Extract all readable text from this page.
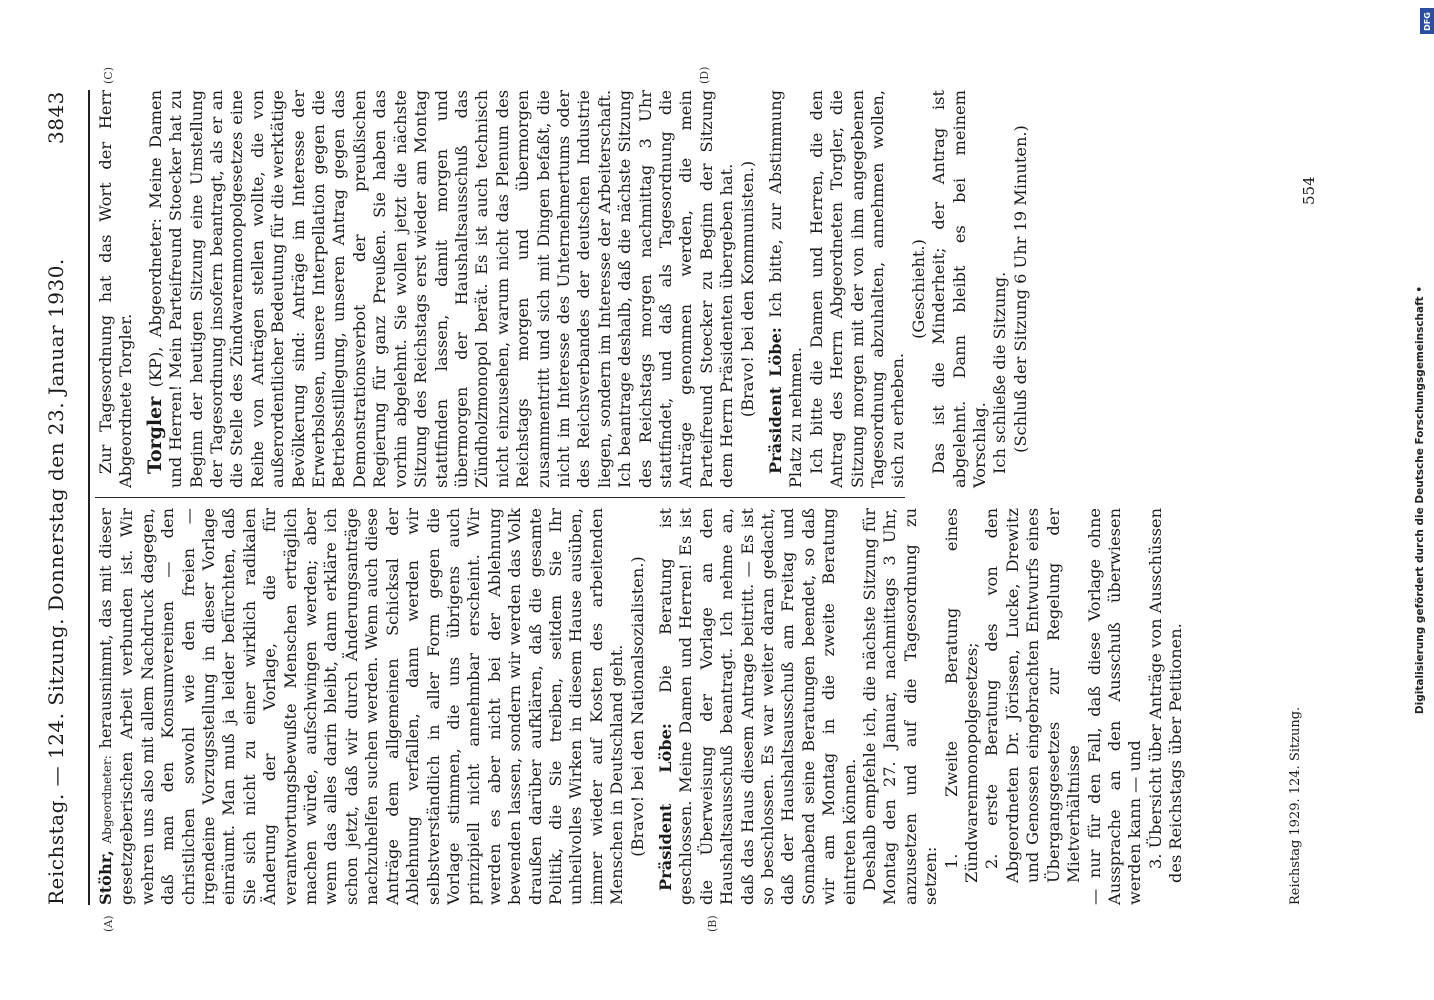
Reichstag. — 124. Sitzung. Donnerstag den 23. Januar 1930.
3843
(A)	(B)
(C)	(D)

Stöhr, Abgeordneter: herausnimmt, das mit dieser gesetzgeberischen Arbeit verbunden ist. Wir wehren uns also mit allem Nachdruck dagegen, daß man den Konsumvereinen — den christlichen sowohl wie den freien — irgendeine Vorzugsstellung in dieser Vorlage einräumt. Man muß ja leider befürchten, daß Sie sich nicht zu einer wirklich radikalen Änderung der Vorlage, die für verantwortungsbewußte Menschen erträglich machen würde, aufschwingen werden; aber wenn das alles darin bleibt, dann erkläre ich schon jetzt, daß wir durch Änderungsanträge nachzuhelfen suchen werden. Wenn auch diese Anträge dem allgemeinen Schicksal der Ablehnung verfallen, dann werden wir selbstverständlich in aller Form gegen die Vorlage stimmen, die uns übrigens auch prinzipiell nicht annehmbar erscheint. Wir werden es aber nicht bei der Ablehnung bewenden lassen, sondern wir werden das Volk draußen darüber aufklären, daß die gesamte Politik, die Sie treiben, seitdem Sie Ihr unheilvolles Wirken in diesem Hause ausüben, immer wieder auf Kosten des arbeitenden Menschen in Deutschland geht. (Bravo! bei den Nationalsozialisten.) Präsident Löbe: Die Beratung ist geschlossen. Meine Damen und Herren! Es ist die Überweisung der Vorlage an den Haushaltsausschuß beantragt. Ich nehme an, daß das Haus diesem Antrage beitritt. — Es ist so beschlossen. Es war weiter daran gedacht, daß der Haushaltsausschuß am Freitag und Sonnabend seine Beratungen beendet, so daß wir am Montag in die zweite Beratung eintreten können. Deshalb empfehle ich, die nächste Sitzung für Montag den 27. Januar, nachmittags 3 Uhr, anzusetzen und auf die Tagesordnung zu setzen:

1. Zweite Beratung eines Zündwarenmonopolgesetzes; 2. erste Beratung des von den Abgeordneten Dr. Jörissen, Lucke, Drewitz und Genossen eingebrachten Entwurfs eines Übergangsgesetzes zur Regelung der Mietverhältnisse — nur für den Fall, daß diese Vorlage ohne Aussprache an den Ausschuß überwiesen werden kann — und 3. Übersicht über Anträge von Ausschüssen des Reichstags über Petitionen.

Zur Tagesordnung hat das Wort der Herr Abgeordnete Torgler. Torgler (KP), Abgeordneter: Meine Damen und Herren! Mein Parteifreund Stoecker hat zu Beginn der heutigen Sitzung eine Umstellung der Tagesordnung insofern beantragt, als er an die Stelle des Zündwarenmonopolgesetzes eine Reihe von Anträgen stellen wollte, die von außerordentlicher Bedeutung für die werktätige Bevölkerung sind: Anträge im Interesse der Erwerbslosen, unsere Interpellation gegen die Betriebsstillegung, unseren Antrag gegen das Demonstrationsverbot der preußischen Regierung für ganz Preußen. Sie haben das vorhin abgelehnt. Sie wollen jetzt die nächste Sitzung des Reichstags erst wieder am Montag stattfinden lassen, damit morgen und übermorgen der Haushaltsausschuß das Zündholzmonopol berät. Es ist auch technisch nicht einzusehen, warum nicht das Plenum des Reichstags morgen und übermorgen zusammentritt und sich mit Dingen befaßt, die nicht im Interesse des Unternehmertums oder des Reichsverbandes der deutschen Industrie liegen, sondern im Interesse der Arbeiterschaft. Ich beantrage deshalb, daß die nächste Sitzung des Reichstags morgen nachmittag 3 Uhr stattfindet, und daß als Tagesordnung die Anträge genommen werden, die mein Parteifreund Stoecker zu Beginn der Sitzung dem Herrn Präsidenten übergeben hat. (Bravo! bei den Kommunisten.) Präsident Löbe: Ich bitte, zur Abstimmung Platz zu nehmen. Ich bitte die Damen und Herren, die den Antrag des Herrn Abgeordneten Torgler, die Sitzung morgen mit der von ihm angegebenen Tagesordnung abzuhalten, annehmen wollen, sich zu erheben.

(Geschieht.) Das ist die Minderheit; der Antrag ist abgelehnt. Dann bleibt es bei meinem Vorschlag. Ich schließe die Sitzung. (Schluß der Sitzung 6 Uhr 19 Minuten.)

Reichstag 1929. 124. Sitzung.
554
DFG
Digitalisierung gefördert durch die Deutsche Forschungsgemeinschaft •
